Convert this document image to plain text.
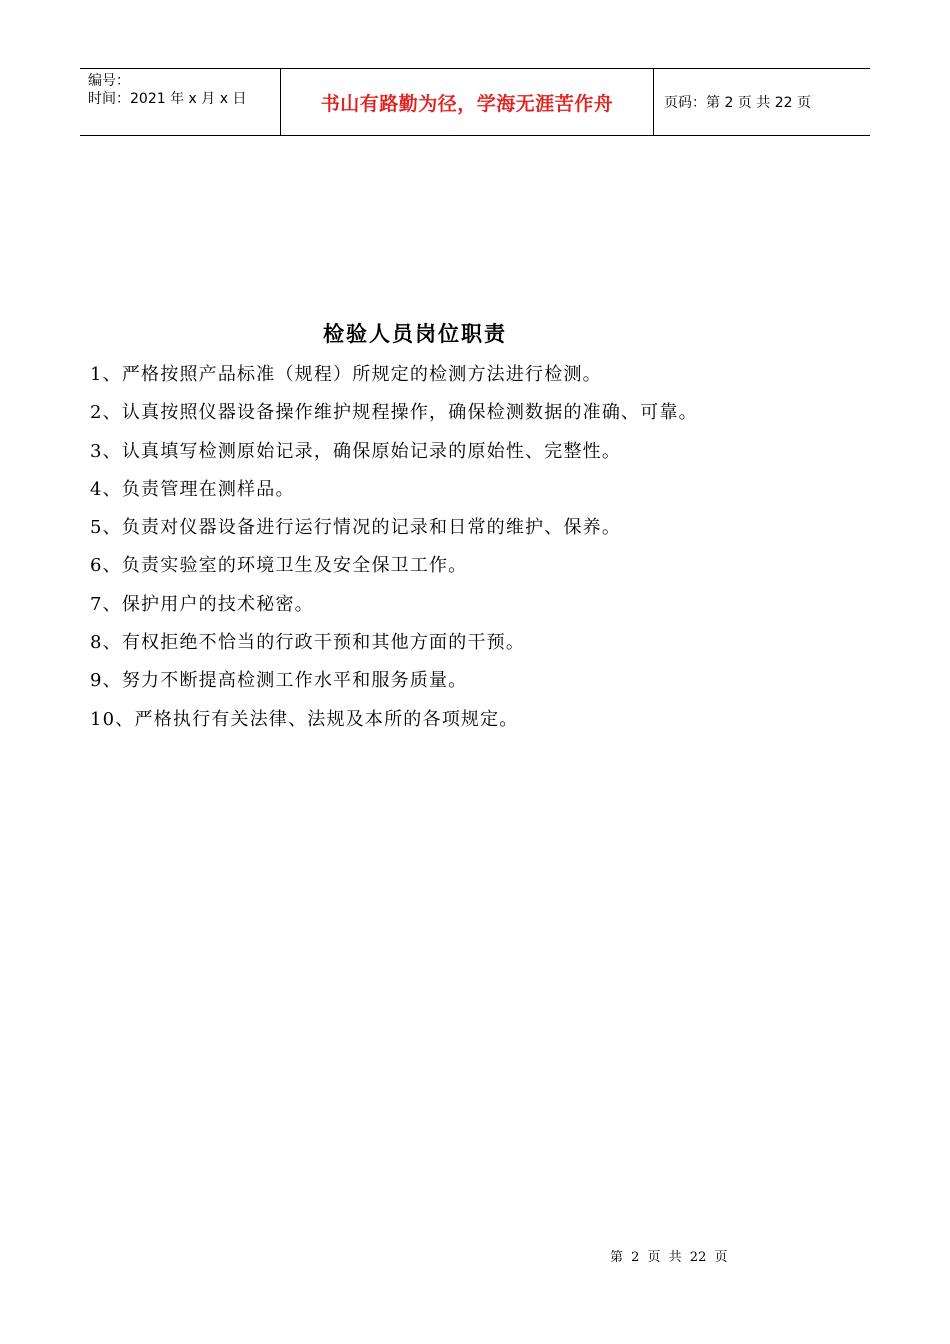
编号：
时间：2021 年 x 月 x 日	书山有路勤为径，学海无涯苦作舟	页码：第 2 页 共 22 页
检验人员岗位职责
1、严格按照产品标准（规程）所规定的检测方法进行检测。
2、认真按照仪器设备操作维护规程操作，确保检测数据的准确、可靠。
3、认真填写检测原始记录，确保原始记录的原始性、完整性。
4、负责管理在测样品。
5、负责对仪器设备进行运行情况的记录和日常的维护、保养。
6、负责实验室的环境卫生及安全保卫工作。
7、保护用户的技术秘密。
8、有权拒绝不恰当的行政干预和其他方面的干预。
9、努力不断提高检测工作水平和服务质量。
10、严格执行有关法律、法规及本所的各项规定。
第 2 页 共 22 页
